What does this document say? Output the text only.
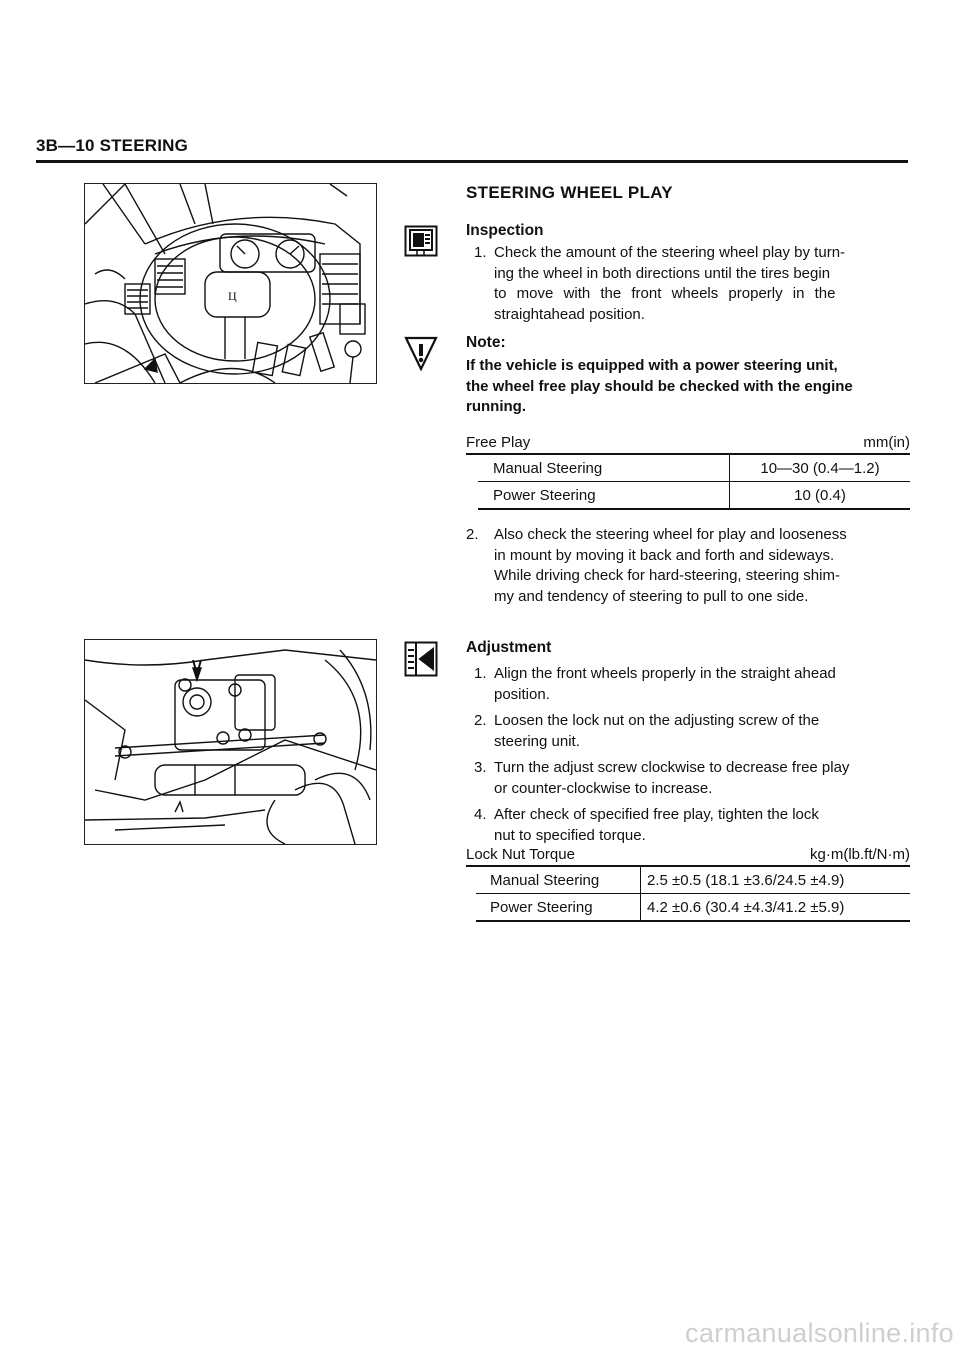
3B—10 STEERING
Ц
STEERING WHEEL PLAY
Inspection
1. Check the amount of the steering wheel play by turn-
ing the wheel in both directions until the tires begin
to move with the front wheels properly in the
straightahead position.
Note:
If the vehicle is equipped with a power steering unit,
the wheel free play should be checked with the engine
running.
Free Play	mm(in)
Manual Steering	10—30 (0.4—1.2)
Power Steering	10 (0.4)
2.	Also check the steering wheel for play and looseness
in mount by moving it back and forth and sideways.
While driving check for hard-steering, steering shim-
my and tendency of steering to pull to one side.
Adjustment
1. Align the front wheels properly in the straight ahead
position.
2. Loosen the lock nut on the adjusting screw of the
steering unit.
3. Turn the adjust screw clockwise to decrease free play
or counter-clockwise to increase.
4. After check of specified free play, tighten the lock
nut to specified torque.
Lock Nut Torque	kg·m(lb.ft/N·m)
Manual Steering	2.5 ±0.5 (18.1 ±3.6/24.5 ±4.9)
Power Steering	4.2 ±0.6 (30.4 ±4.3/41.2 ±5.9)
carmanualsonline.info
